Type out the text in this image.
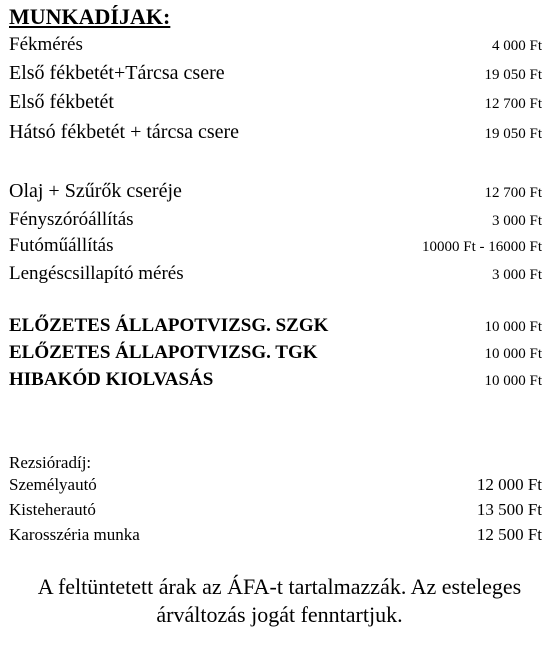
MUNKADÍJAK:
Fékmérés	4 000 Ft
Első fékbetét+Tárcsa csere	19 050 Ft
Első fékbetét	12 700 Ft
Hátsó fékbetét + tárcsa csere	19 050 Ft
Olaj + Szűrők cseréje	12 700 Ft
Fényszóróállítás	3 000 Ft
Futóműállítás	10000 Ft - 16000 Ft
Lengéscsillapító mérés	3 000 Ft
ELŐZETES ÁLLAPOTVIZSG. SZGK	10 000 Ft
ELŐZETES ÁLLAPOTVIZSG. TGK	10 000 Ft
HIBAKÓD KIOLVASÁS	10 000 Ft

Rezsióradíj:

Személyautó	12 000 Ft
Kisteherautó	13 500 Ft
Karosszéria munka	12 500 Ft
A feltüntetett árak az ÁFA-t tartalmazzák. Az esteleges
árváltozás jogát fenntartjuk.
